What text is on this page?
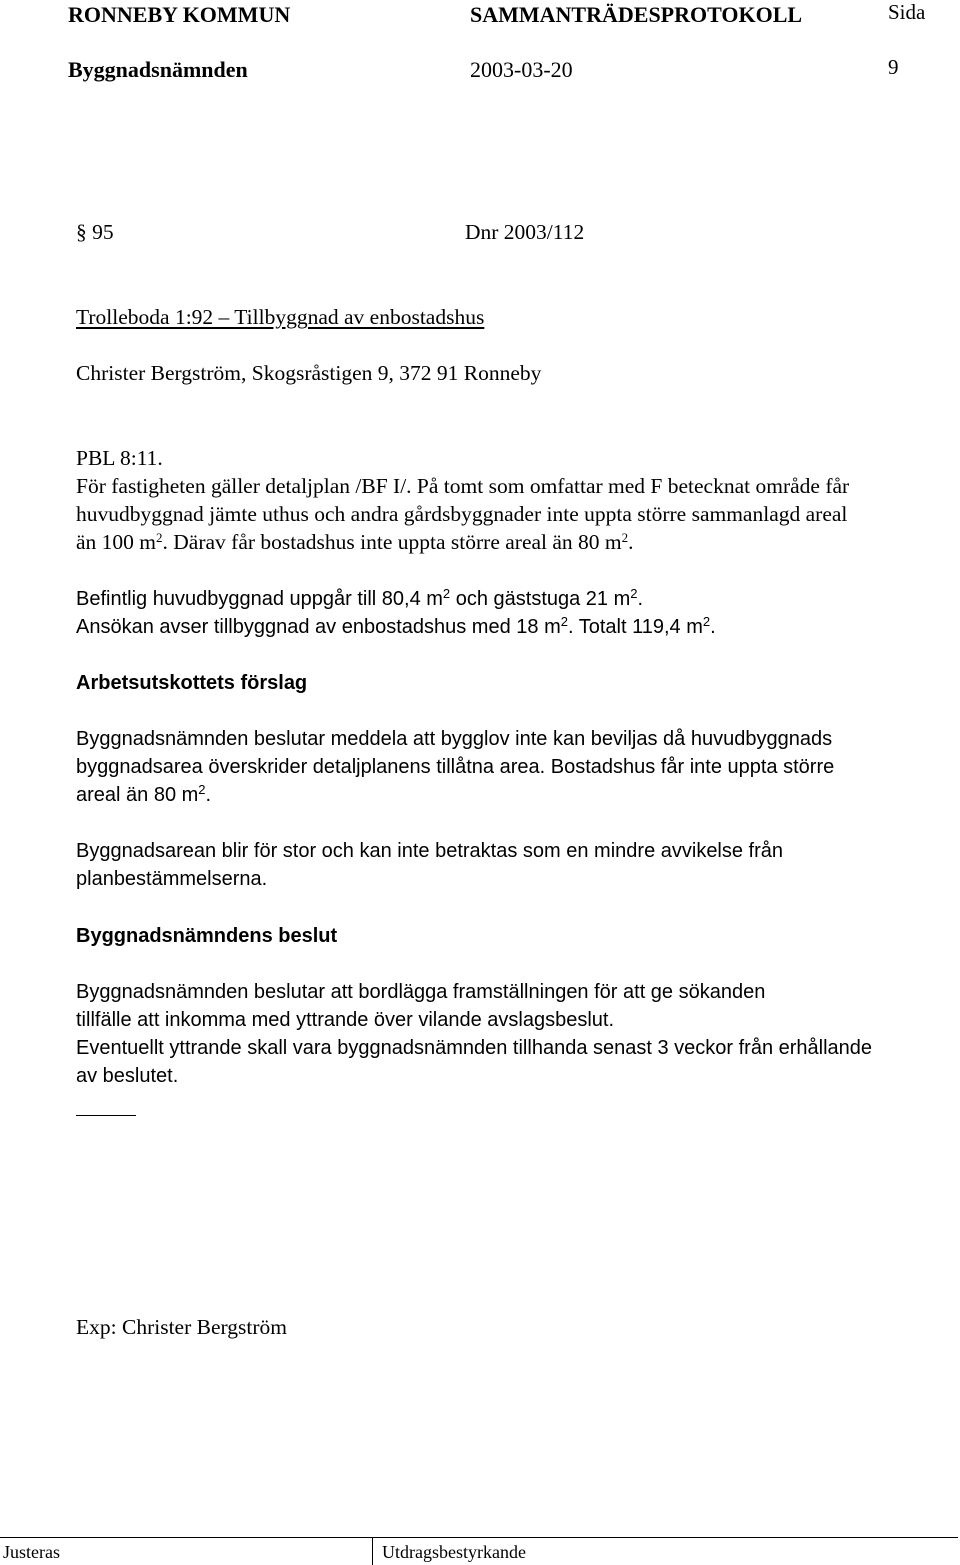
RONNEBY KOMMUN	SAMMANTRÄDESPROTOKOLL	Sida
Byggnadsnämnden	2003-03-20	9
§ 95	Dnr 2003/112
Trolleboda 1:92 – Tillbyggnad av enbostadshus
Christer Bergström, Skogsråstigen 9, 372 91 Ronneby
PBL 8:11.
För fastigheten gäller detaljplan /BF I/. På tomt som omfattar med F betecknat område får
huvudbyggnad jämte uthus och andra gårdsbyggnader inte uppta större sammanlagd areal
än 100 $m^2$. Därav får bostadshus inte uppta större areal än 80 $m^2$.
Befintlig huvudbyggnad uppgår till 80,4 $m^2$ och gäststuga 21 $m^2$.
Ansökan avser tillbyggnad av enbostadshus med 18 $m^2$. Totalt 119,4 $m^2$.
Arbetsutskottets förslag
Byggnadsnämnden beslutar meddela att bygglov inte kan beviljas då huvudbyggnads
byggnadsarea överskrider detaljplanens tillåtna area. Bostadshus får inte uppta större
areal än 80 $m^2$.
Byggnadsarean blir för stor och kan inte betraktas som en mindre avvikelse från
planbestämmelserna.
Byggnadsnämndens beslut
Byggnadsnämnden beslutar att bordlägga framställningen för att ge sökanden
tillfälle att inkomma med yttrande över vilande avslagsbeslut.
Eventuellt yttrande skall vara byggnadsnämnden tillhanda senast 3 veckor från erhållande
av beslutet.
Exp: Christer Bergström
Justeras	Utdragsbestyrkande
